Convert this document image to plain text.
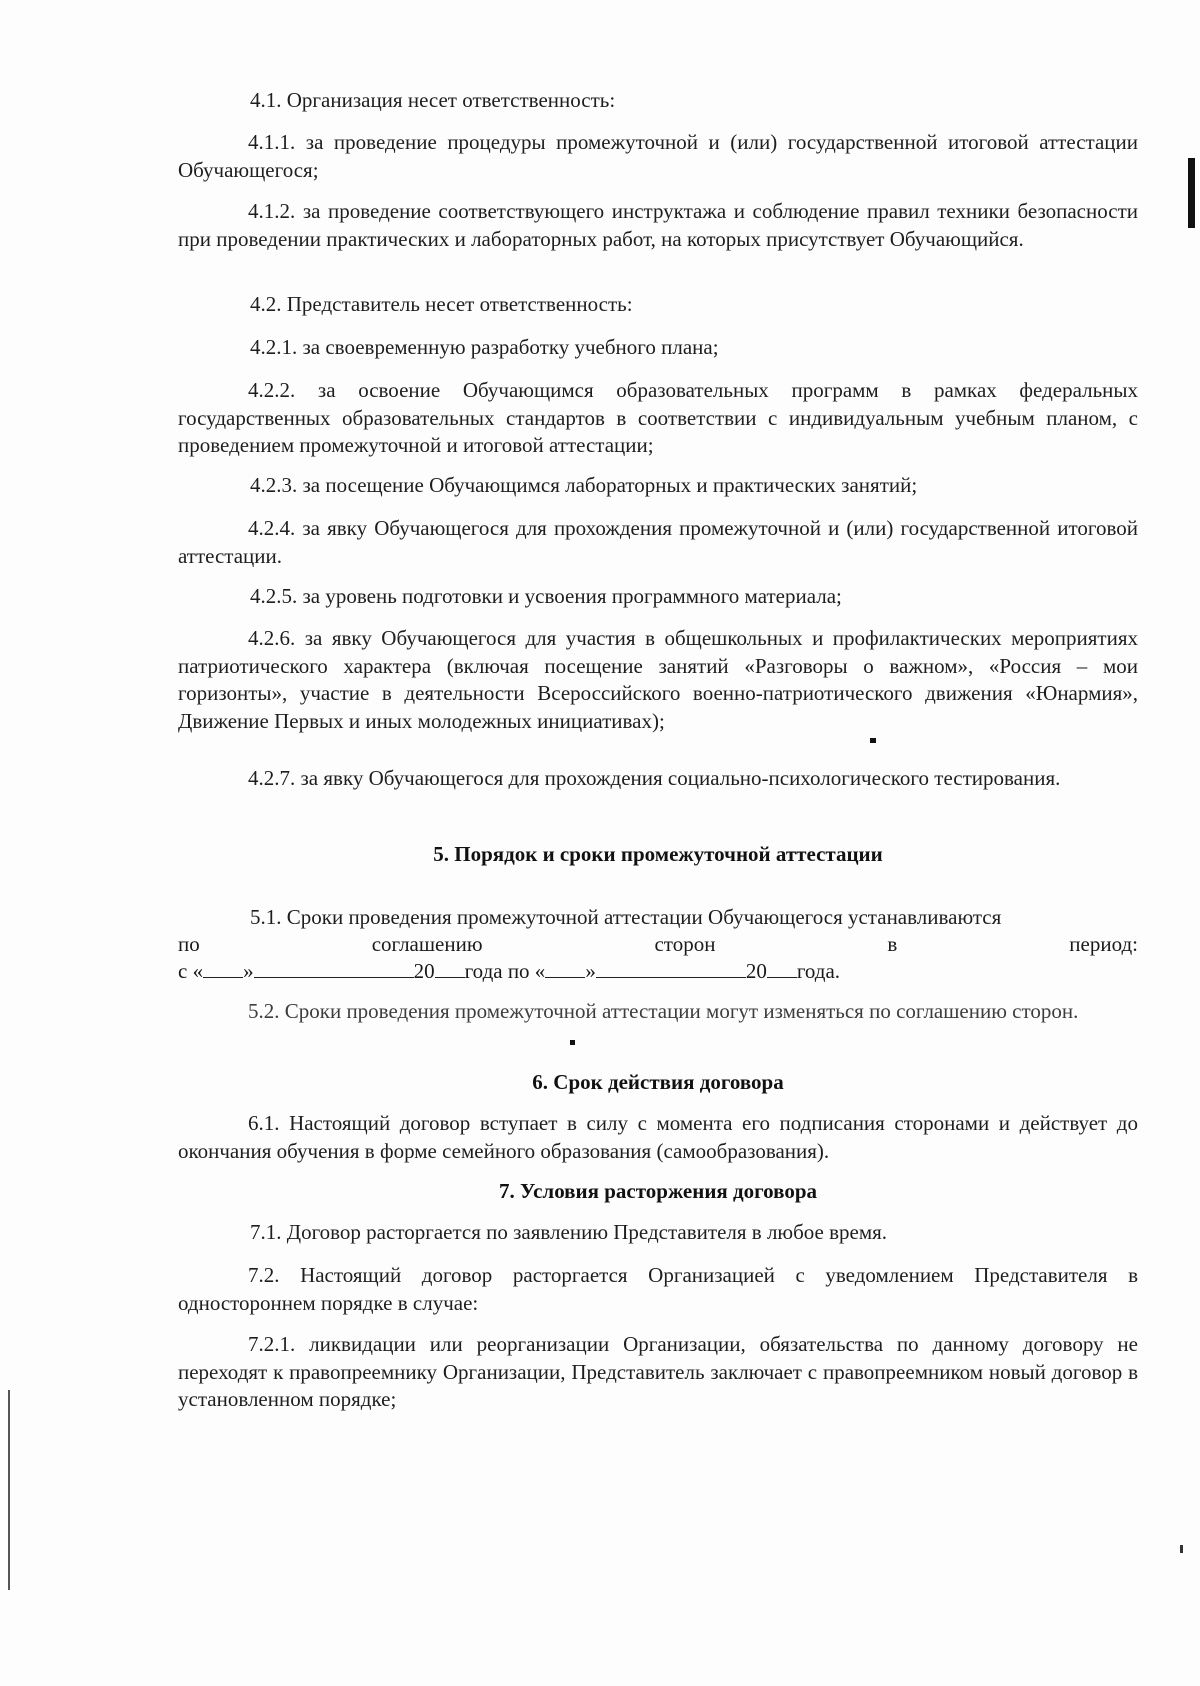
4.1. Организация несет ответственность:
4.1.1. за проведение процедуры промежуточной и (или) государственной итоговой аттестации Обучающегося;
4.1.2. за проведение соответствующего инструктажа и соблюдение правил техники безопасности при проведении практических и лабораторных работ, на которых присутствует Обучающийся.
4.2. Представитель несет ответственность:
4.2.1. за своевременную разработку учебного плана;
4.2.2. за освоение Обучающимся образовательных программ в рамках федеральных государственных образовательных стандартов в соответствии с индивидуальным учебным планом, с проведением промежуточной и итоговой аттестации;
4.2.3. за посещение Обучающимся лабораторных и практических занятий;
4.2.4. за явку Обучающегося для прохождения промежуточной и (или) государственной итоговой аттестации.
4.2.5. за уровень подготовки и усвоения программного материала;
4.2.6. за явку Обучающегося для участия в общешкольных и профилактических мероприятиях патриотического характера (включая посещение занятий «Разговоры о важном», «Россия – мои горизонты», участие в деятельности Всероссийского военно-патриотического движения «Юнармия», Движение Первых и иных молодежных инициативах);
4.2.7. за явку Обучающегося для прохождения социально-психологического тестирования.
5. Порядок и сроки промежуточной аттестации
5.1. Сроки проведения промежуточной аттестации Обучающегося устанавливаются
по	соглашению	сторон	в	период:
с « »	20 года по « »	20 года.
5.2. Сроки проведения промежуточной аттестации могут изменяться по соглашению сторон.
6. Срок действия договора
6.1. Настоящий договор вступает в силу с момента его подписания сторонами и действует до окончания обучения в форме семейного образования (самообразования).
7. Условия расторжения договора
7.1. Договор расторгается по заявлению Представителя в любое время.
7.2. Настоящий договор расторгается Организацией с уведомлением Представителя в одностороннем порядке в случае:
7.2.1. ликвидации или реорганизации Организации, обязательства по данному договору не переходят к правопреемнику Организации, Представитель заключает с правопреемником новый договор в установленном порядке;
